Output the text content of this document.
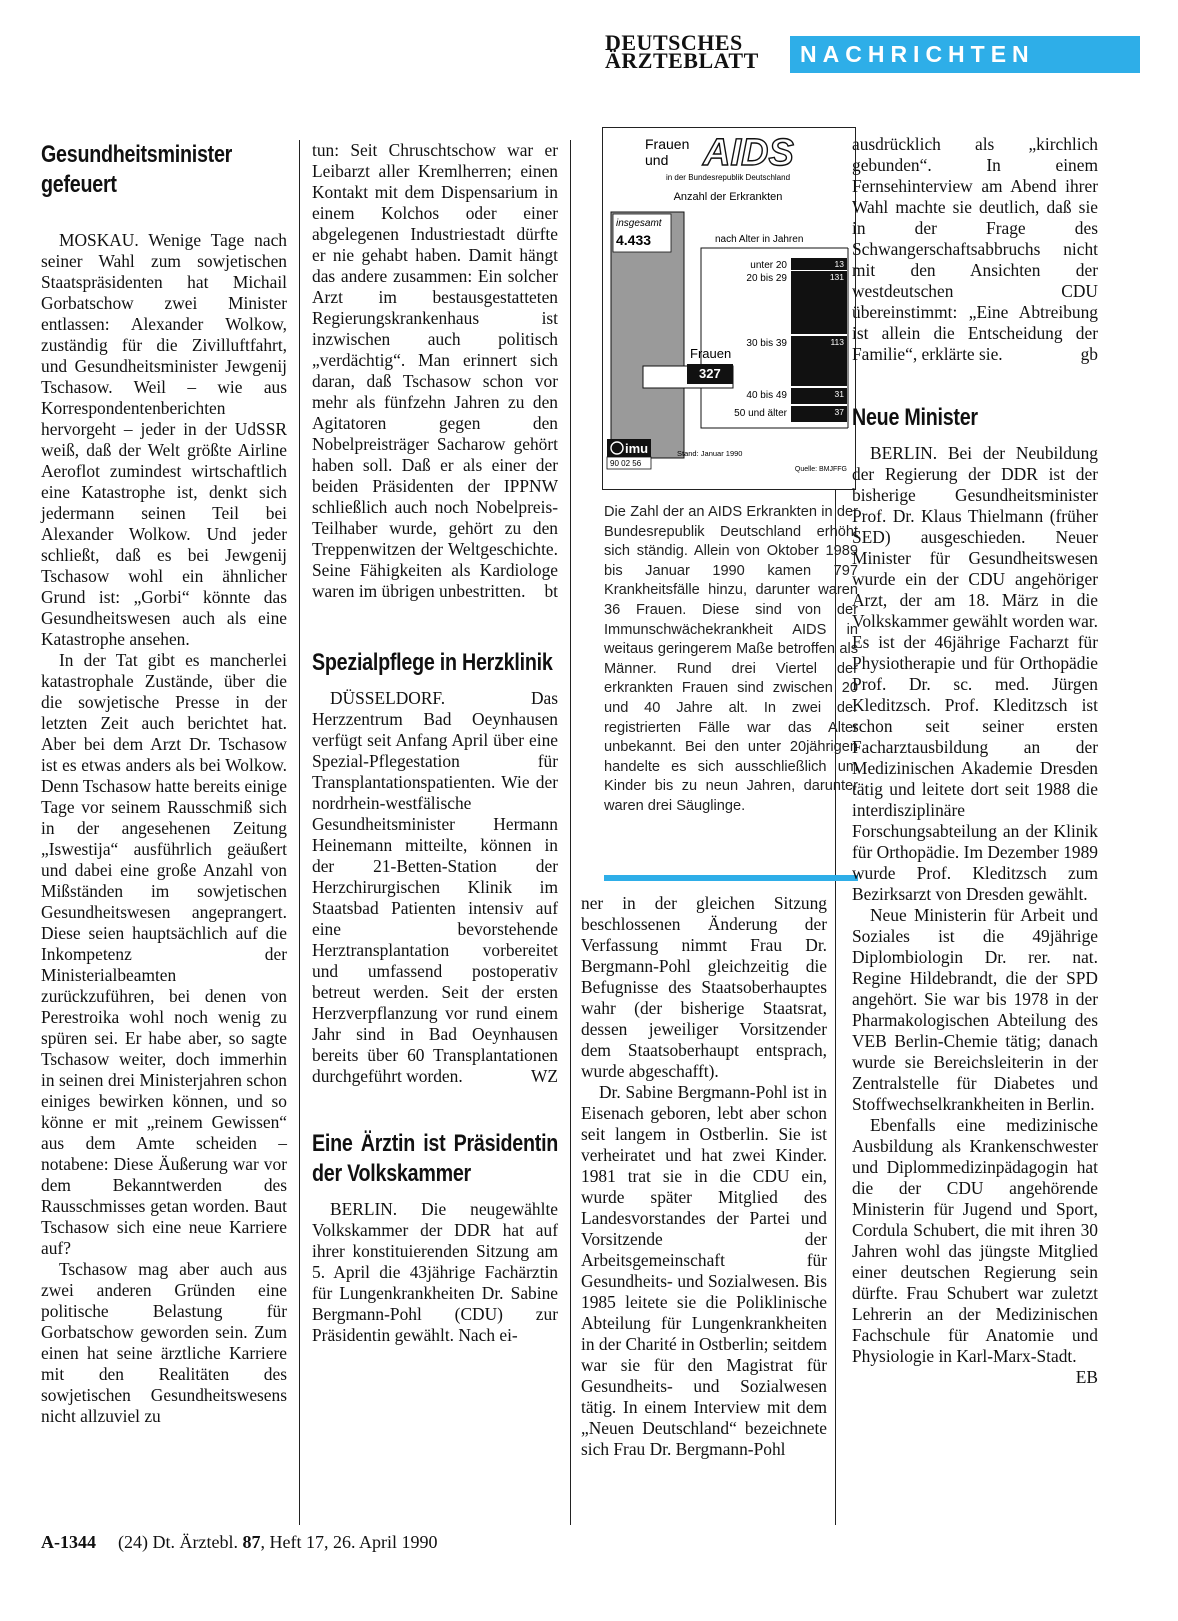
DEUTSCHES
ÄRZTEBLATT	NACHRICHTEN
Gesundheitsminister gefeuert

MOSKAU. Wenige Tage nach seiner Wahl zum sowjetischen Staatspräsidenten hat Michail Gorbatschow zwei Minister entlassen: Alexander Wolkow, zuständig für die Zivilluftfahrt, und Gesundheitsminister Jewgenij Tschasow. Weil – wie aus Korrespondentenberichten hervorgeht – jeder in der UdSSR weiß, daß der Welt größte Airline Aeroflot zumindest wirtschaftlich eine Katastrophe ist, denkt sich jedermann seinen Teil bei Alexander Wolkow. Und jeder schließt, daß es bei Jewgenij Tschasow wohl ein ähnlicher Grund ist: „Gorbi“ könnte das Gesundheitswesen auch als eine Katastrophe ansehen.

In der Tat gibt es mancherlei katastrophale Zustände, über die die sowjetische Presse in der letzten Zeit auch berichtet hat. Aber bei dem Arzt Dr. Tschasow ist es etwas anders als bei Wolkow. Denn Tschasow hatte bereits einige Tage vor seinem Rausschmiß sich in der angesehenen Zeitung „Iswestija“ ausführlich geäußert und dabei eine große Anzahl von Mißständen im sowjetischen Gesundheitswesen angeprangert. Diese seien hauptsächlich auf die Inkompetenz der Ministerialbeamten zurückzuführen, bei denen von Perestroika wohl noch wenig zu spüren sei. Er habe aber, so sagte Tschasow weiter, doch immerhin in seinen drei Ministerjahren schon einiges bewirken können, und so könne er mit „reinem Gewissen“ aus dem Amte scheiden – notabene: Diese Äußerung war vor dem Bekanntwerden des Rausschmisses getan worden. Baut Tschasow sich eine neue Karriere auf?

Tschasow mag aber auch aus zwei anderen Gründen eine politische Belastung für Gorbatschow geworden sein. Zum einen hat seine ärztliche Karriere mit den Realitäten des sowjetischen Gesundheitswesens nicht allzuviel zu

tun: Seit Chruschtschow war er Leibarzt aller Kremlherren; einen Kontakt mit dem Dispensarium in einem Kolchos oder einer abgelegenen Industriestadt dürfte er nie gehabt haben. Damit hängt das andere zusammen: Ein solcher Arzt im bestausgestatteten Regierungskrankenhaus ist inzwischen auch politisch „verdächtig“. Man erinnert sich daran, daß Tschasow schon vor mehr als fünfzehn Jahren zu den Agitatoren gegen den Nobelpreisträger Sacharow gehört haben soll. Daß er als einer der beiden Präsidenten der IPPNW schließlich auch noch Nobelpreis-Teilhaber wurde, gehört zu den Treppenwitzen der Weltgeschichte. Seine Fähigkeiten als Kardiologe waren im übrigen unbestritten. bt

Spezialpflege in Herzklinik

DÜSSELDORF. Das Herzzentrum Bad Oeynhausen verfügt seit Anfang April über eine Spezial-Pflegestation für Transplantationspatienten. Wie der nordrhein-westfälische Gesundheitsminister Hermann Heinemann mitteilte, können in der 21-Betten-Station der Herzchirurgischen Klinik im Staatsbad Patienten intensiv auf eine bevorstehende Herztransplantation vorbereitet und umfassend postoperativ betreut werden. Seit der ersten Herzverpflanzung vor rund einem Jahr sind in Bad Oeynhausen bereits über 60 Transplantationen durchgeführt worden.	WZ

Eine Ärztin ist Präsidentin der Volkskammer

BERLIN. Die neugewählte Volkskammer der DDR hat auf ihrer konstituierenden Sitzung am 5. April die 43jährige Fachärztin für Lungenkrankheiten Dr. Sabine Bergmann-Pohl (CDU) zur Präsidentin gewählt. Nach ei-

Frauen
und AIDS
in der Bundesrepublik Deutschland
Anzahl der Erkrankten
insgesamt
4.433	nach Alter in Jahren
Frauen
327
unter 20	13
20 bis 29	131
30 bis 39	113
40 bis 49	31
50 und älter	37
imu
90 02 56
Stand: Januar 1990
Quelle: BMJFFG
Die Zahl der an AIDS Erkrankten in der Bundesrepublik Deutschland erhöht sich ständig. Allein von Oktober 1989 bis Januar 1990 kamen 797 Krankheitsfälle hinzu, darunter waren 36 Frauen. Diese sind von der Immunschwächekrankheit AIDS in weitaus geringerem Maße betroffen als Männer. Rund drei Viertel der erkrankten Frauen sind zwischen 20 und 40 Jahre alt. In zwei der registrierten Fälle war das Alter unbekannt. Bei den unter 20jährigen handelte es sich ausschließlich um Kinder bis zu neun Jahren, darunter waren drei Säuglinge.

ner in der gleichen Sitzung beschlossenen Änderung der Verfassung nimmt Frau Dr. Bergmann-Pohl gleichzeitig die Befugnisse des Staatsoberhauptes wahr (der bisherige Staatsrat, dessen jeweiliger Vorsitzender dem Staatsoberhaupt entsprach, wurde abgeschafft).

Dr. Sabine Bergmann-Pohl ist in Eisenach geboren, lebt aber schon seit langem in Ostberlin. Sie ist verheiratet und hat zwei Kinder. 1981 trat sie in die CDU ein, wurde später Mitglied des Landesvorstandes der Partei und Vorsitzende der Arbeitsgemeinschaft für Gesundheits- und Sozialwesen. Bis 1985 leitete sie die Poliklinische Abteilung für Lungenkrankheiten in der Charité in Ostberlin; seitdem war sie für den Magistrat für Gesundheits- und Sozialwesen tätig. In einem Interview mit dem „Neuen Deutschland“ bezeichnete sich Frau Dr. Bergmann-Pohl

ausdrücklich als „kirchlich gebunden“. In einem Fernsehinterview am Abend ihrer Wahl machte sie deutlich, daß sie in der Frage des Schwangerschaftsabbruchs nicht mit den Ansichten der westdeutschen CDU übereinstimmt: „Eine Abtreibung ist allein die Entscheidung der Familie“, erklärte sie.	gb

Neue Minister

BERLIN. Bei der Neubildung der Regierung der DDR ist der bisherige Gesundheitsminister Prof. Dr. Klaus Thielmann (früher SED) ausgeschieden. Neuer Minister für Gesundheitswesen wurde ein der CDU angehöriger Arzt, der am 18. März in die Volkskammer gewählt worden war. Es ist der 46jährige Facharzt für Physiotherapie und für Orthopädie Prof. Dr. sc. med. Jürgen Kleditzsch. Prof. Kleditzsch ist schon seit seiner ersten Facharztausbildung an der Medizinischen Akademie Dresden tätig und leitete dort seit 1988 die interdisziplinäre Forschungsabteilung an der Klinik für Orthopädie. Im Dezember 1989 wurde Prof. Kleditzsch zum Bezirksarzt von Dresden gewählt.

Neue Ministerin für Arbeit und Soziales ist die 49jährige Diplombiologin Dr. rer. nat. Regine Hildebrandt, die der SPD angehört. Sie war bis 1978 in der Pharmakologischen Abteilung des VEB Berlin-Chemie tätig; danach wurde sie Bereichsleiterin in der Zentralstelle für Diabetes und Stoffwechselkrankheiten in Berlin.

Ebenfalls eine medizinische Ausbildung als Krankenschwester und Diplommedizinpädagogin hat die der CDU angehörende Ministerin für Jugend und Sport, Cordula Schubert, die mit ihren 30 Jahren wohl das jüngste Mitglied einer deutschen Regierung sein dürfte. Frau Schubert war zuletzt Lehrerin an der Medizinischen Fachschule für Anatomie und Physiologie in Karl-Marx-Stadt.
EB

A-1344 (24) Dt. Ärztebl. 87, Heft 17, 26. April 1990
